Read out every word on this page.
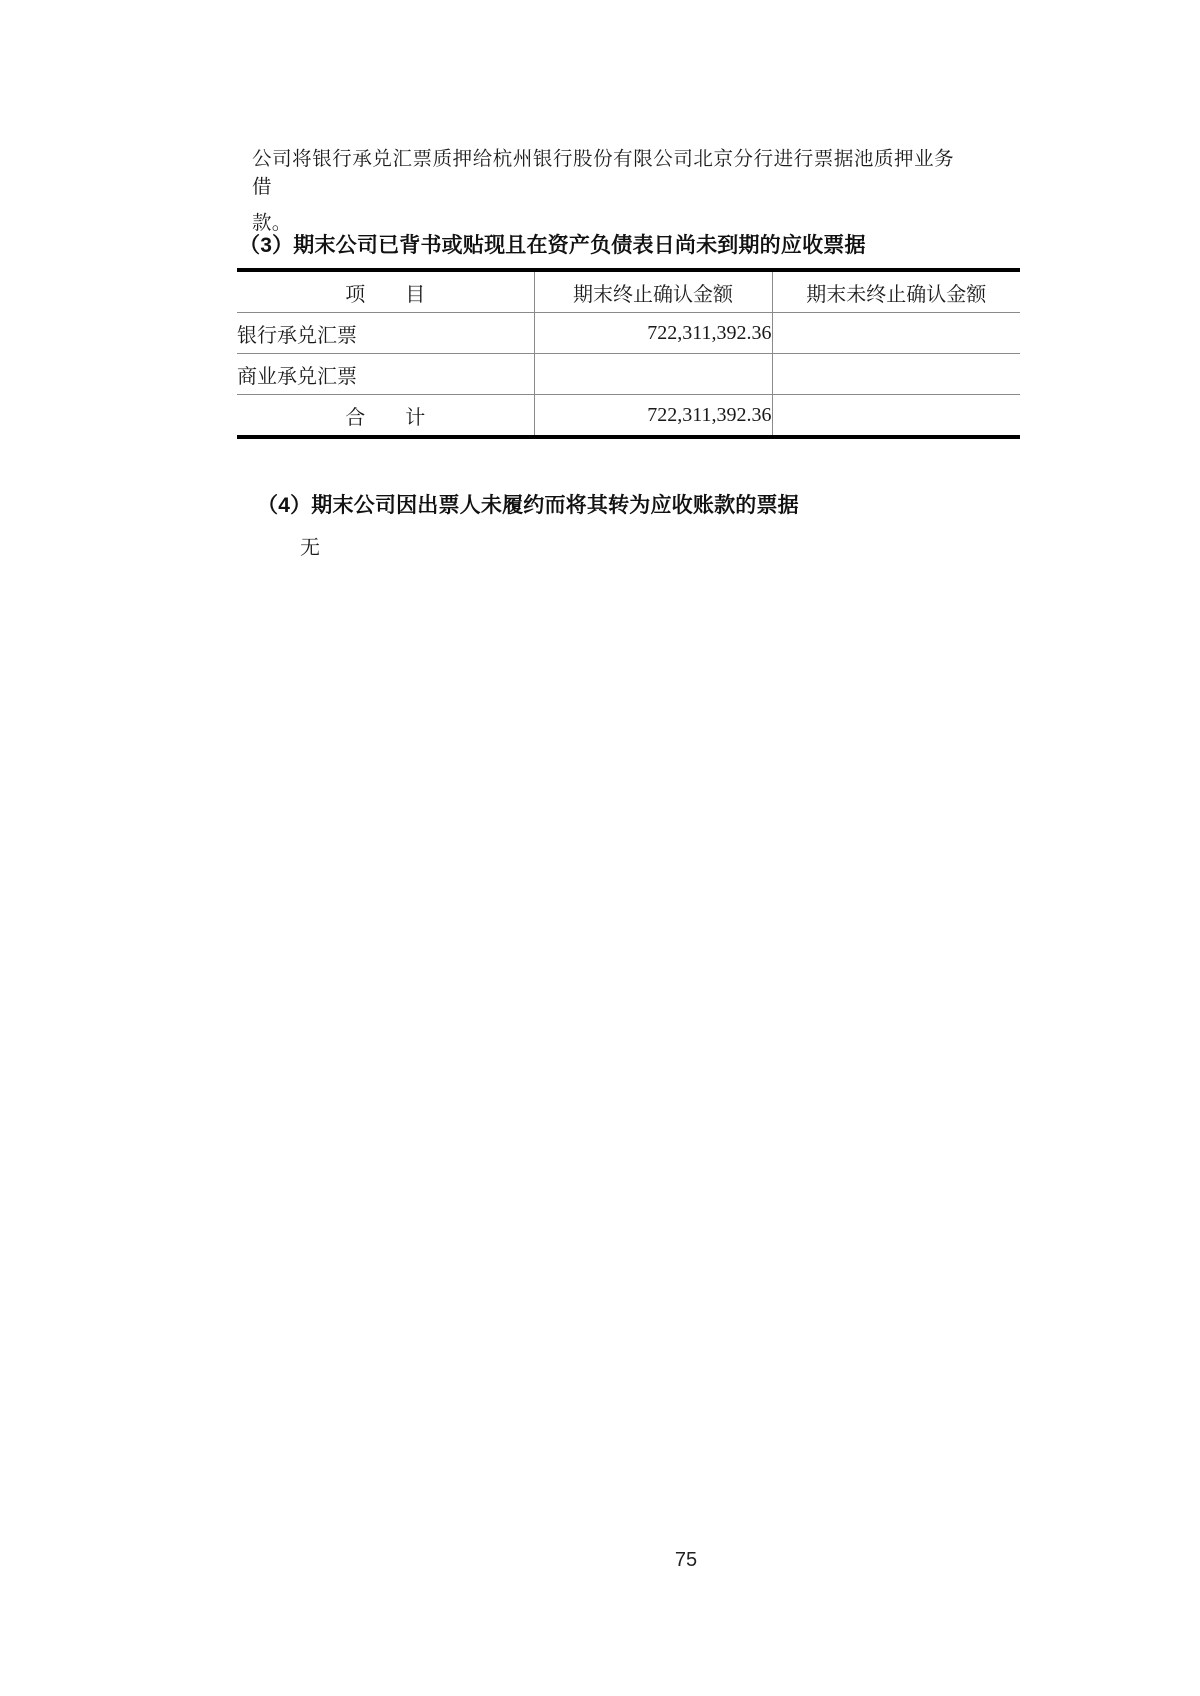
公司将银行承兑汇票质押给杭州银行股份有限公司北京分行进行票据池质押业务借
款。
（3）期末公司已背书或贴现且在资产负债表日尚未到期的应收票据
项　　目	期末终止确认金额	期末未终止确认金额
银行承兑汇票	722,311,392.36	
商业承兑汇票		
合　　计	722,311,392.36	
（4）期末公司因出票人未履约而将其转为应收账款的票据
无
75
